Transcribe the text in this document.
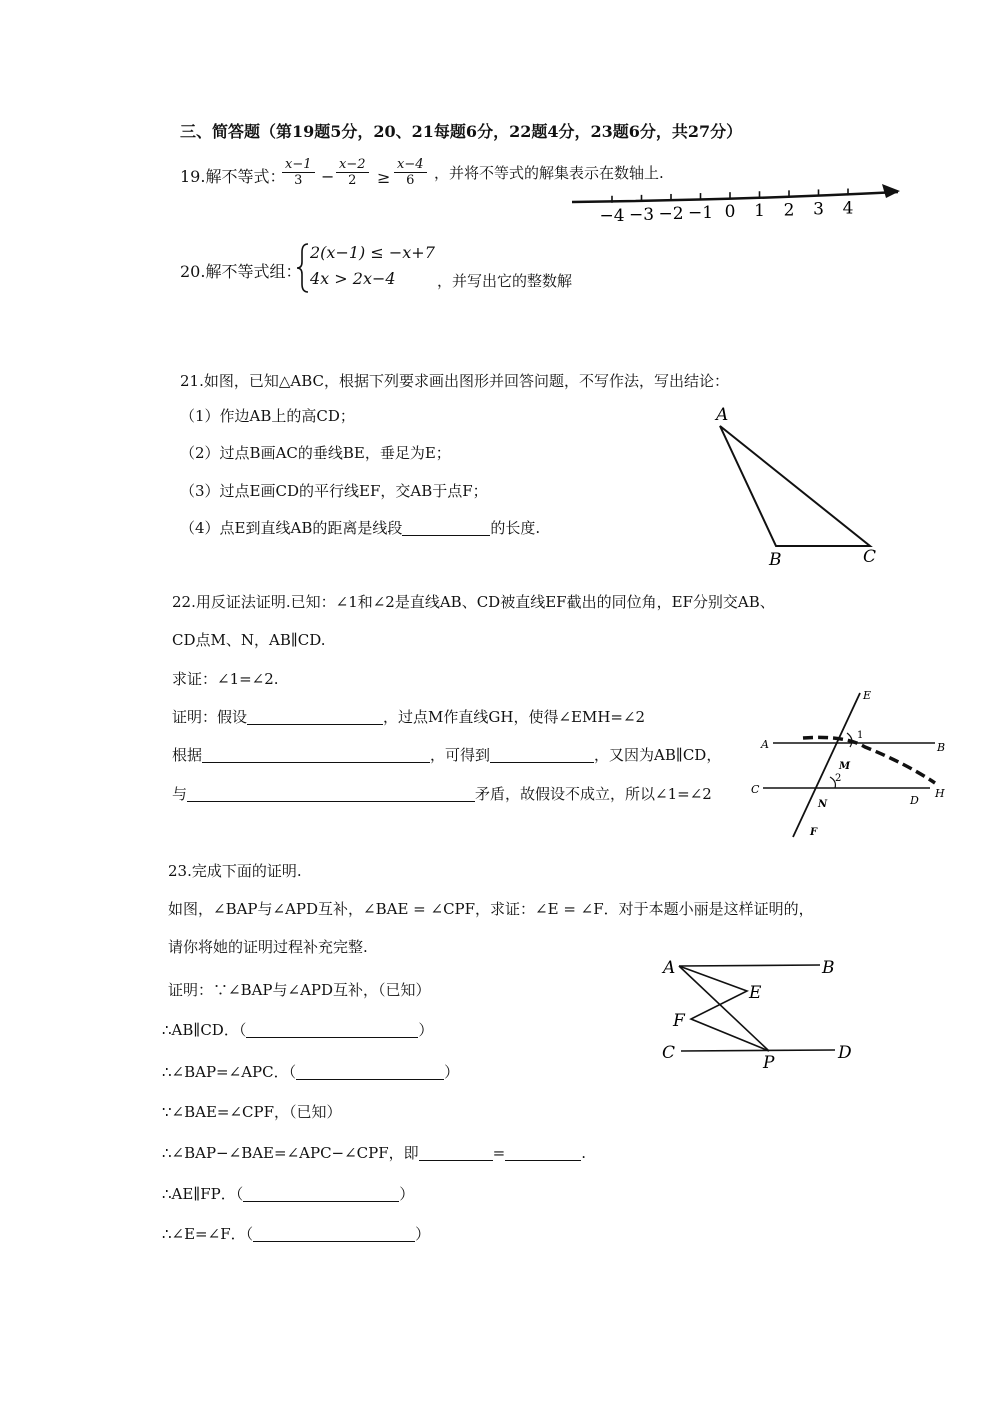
三、简答题（第19题5分，20、21每题6分，22题4分，23题6分，共27分）
19.解不等式：
$\frac{x-1}{3} - \frac{x-2}{2} \ge \frac{x-4}{6}$ ，并将不等式的解集表示在数轴上.
−4 −3 −2 −1 0 1 2 3 4
20.解不等式组：
2(x−1) ≤ −x+7
4x > 2x−4	，并写出它的整数解
21.如图，已知△ABC，根据下列要求画出图形并回答问题，不写作法，写出结论：
（1）作边AB上的高CD；
（2）过点B画AC的垂线BE，垂足为E；
（3）过点E画CD的平行线EF，交AB于点F；
（4）点E到直线AB的距离是线段	的长度.
A
B	C
22.用反证法证明.已知：∠1和∠2是直线AB、CD被直线EF截出的同位角，EF分别交AB、
CD点M、N，AB∥CD.
求证：∠1=∠2.
证明：假设	，过点M作直线GH，使得∠EMH=∠2
根据	，可得到	，又因为AB∥CD，
与	矛盾，故假设不成立，所以∠1=∠2
E
A	B
M
1
2
C
N	D
H
F
23.完成下面的证明.
如图，∠BAP与∠APD互补，∠BAE = ∠CPF，求证：∠E = ∠F．对于本题小丽是这样证明的，
请你将她的证明过程补充完整.
证明：∵∠BAP与∠APD互补，（已知）
∴AB∥CD．（	）
∴∠BAP=∠APC．（	）
∵∠BAE=∠CPF，（已知）
∴∠BAP−∠BAE=∠APC−∠CPF，即	=	.
∴AE∥FP．（	）
∴∠E=∠F．（	）
A	B
E
F
C	P	D
